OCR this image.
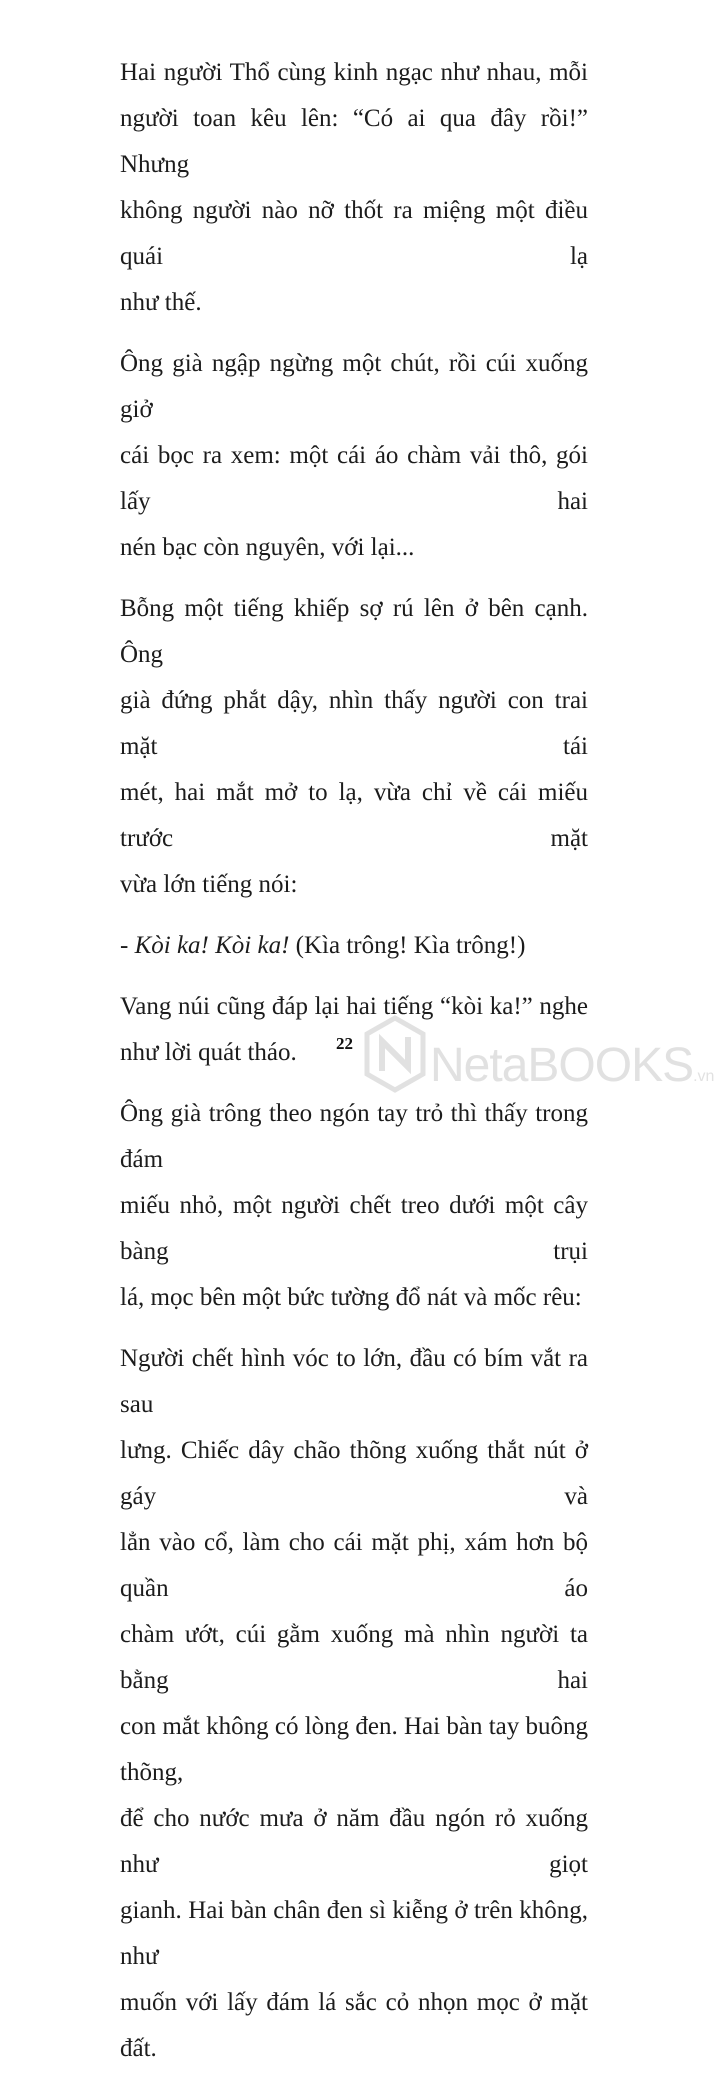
Hai người Thổ cùng kinh ngạc như nhau, mỗi
người toan kêu lên: “Có ai qua đây rồi!” Nhưng
không người nào nỡ thốt ra miệng một điều quái lạ
như thế.
Ông già ngập ngừng một chút, rồi cúi xuống giở
cái bọc ra xem: một cái áo chàm vải thô, gói lấy hai
nén bạc còn nguyên, với lại...
Bỗng một tiếng khiếp sợ rú lên ở bên cạnh. Ông
già đứng phắt dậy, nhìn thấy người con trai mặt tái
mét, hai mắt mở to lạ, vừa chỉ về cái miếu trước mặt
vừa lớn tiếng nói:
- Kòi ka! Kòi ka! (Kìa trông! Kìa trông!)
Vang núi cũng đáp lại hai tiếng “kòi ka!” nghe
như lời quát tháo.
Ông già trông theo ngón tay trỏ thì thấy trong đám
miếu nhỏ, một người chết treo dưới một cây bàng trụi
lá, mọc bên một bức tường đổ nát và mốc rêu:
Người chết hình vóc to lớn, đầu có bím vắt ra sau
lưng. Chiếc dây chão thõng xuống thắt nút ở gáy và
lẳn vào cổ, làm cho cái mặt phị, xám hơn bộ quần áo
chàm ướt, cúi gằm xuống mà nhìn người ta bằng hai
con mắt không có lòng đen. Hai bàn tay buông thõng,
để cho nước mưa ở năm đầu ngón rỏ xuống như giọt
gianh. Hai bàn chân đen sì kiễng ở trên không, như
muốn với lấy đám lá sắc cỏ nhọn mọc ở mặt đất.
22 NetaBOOKS.vn
